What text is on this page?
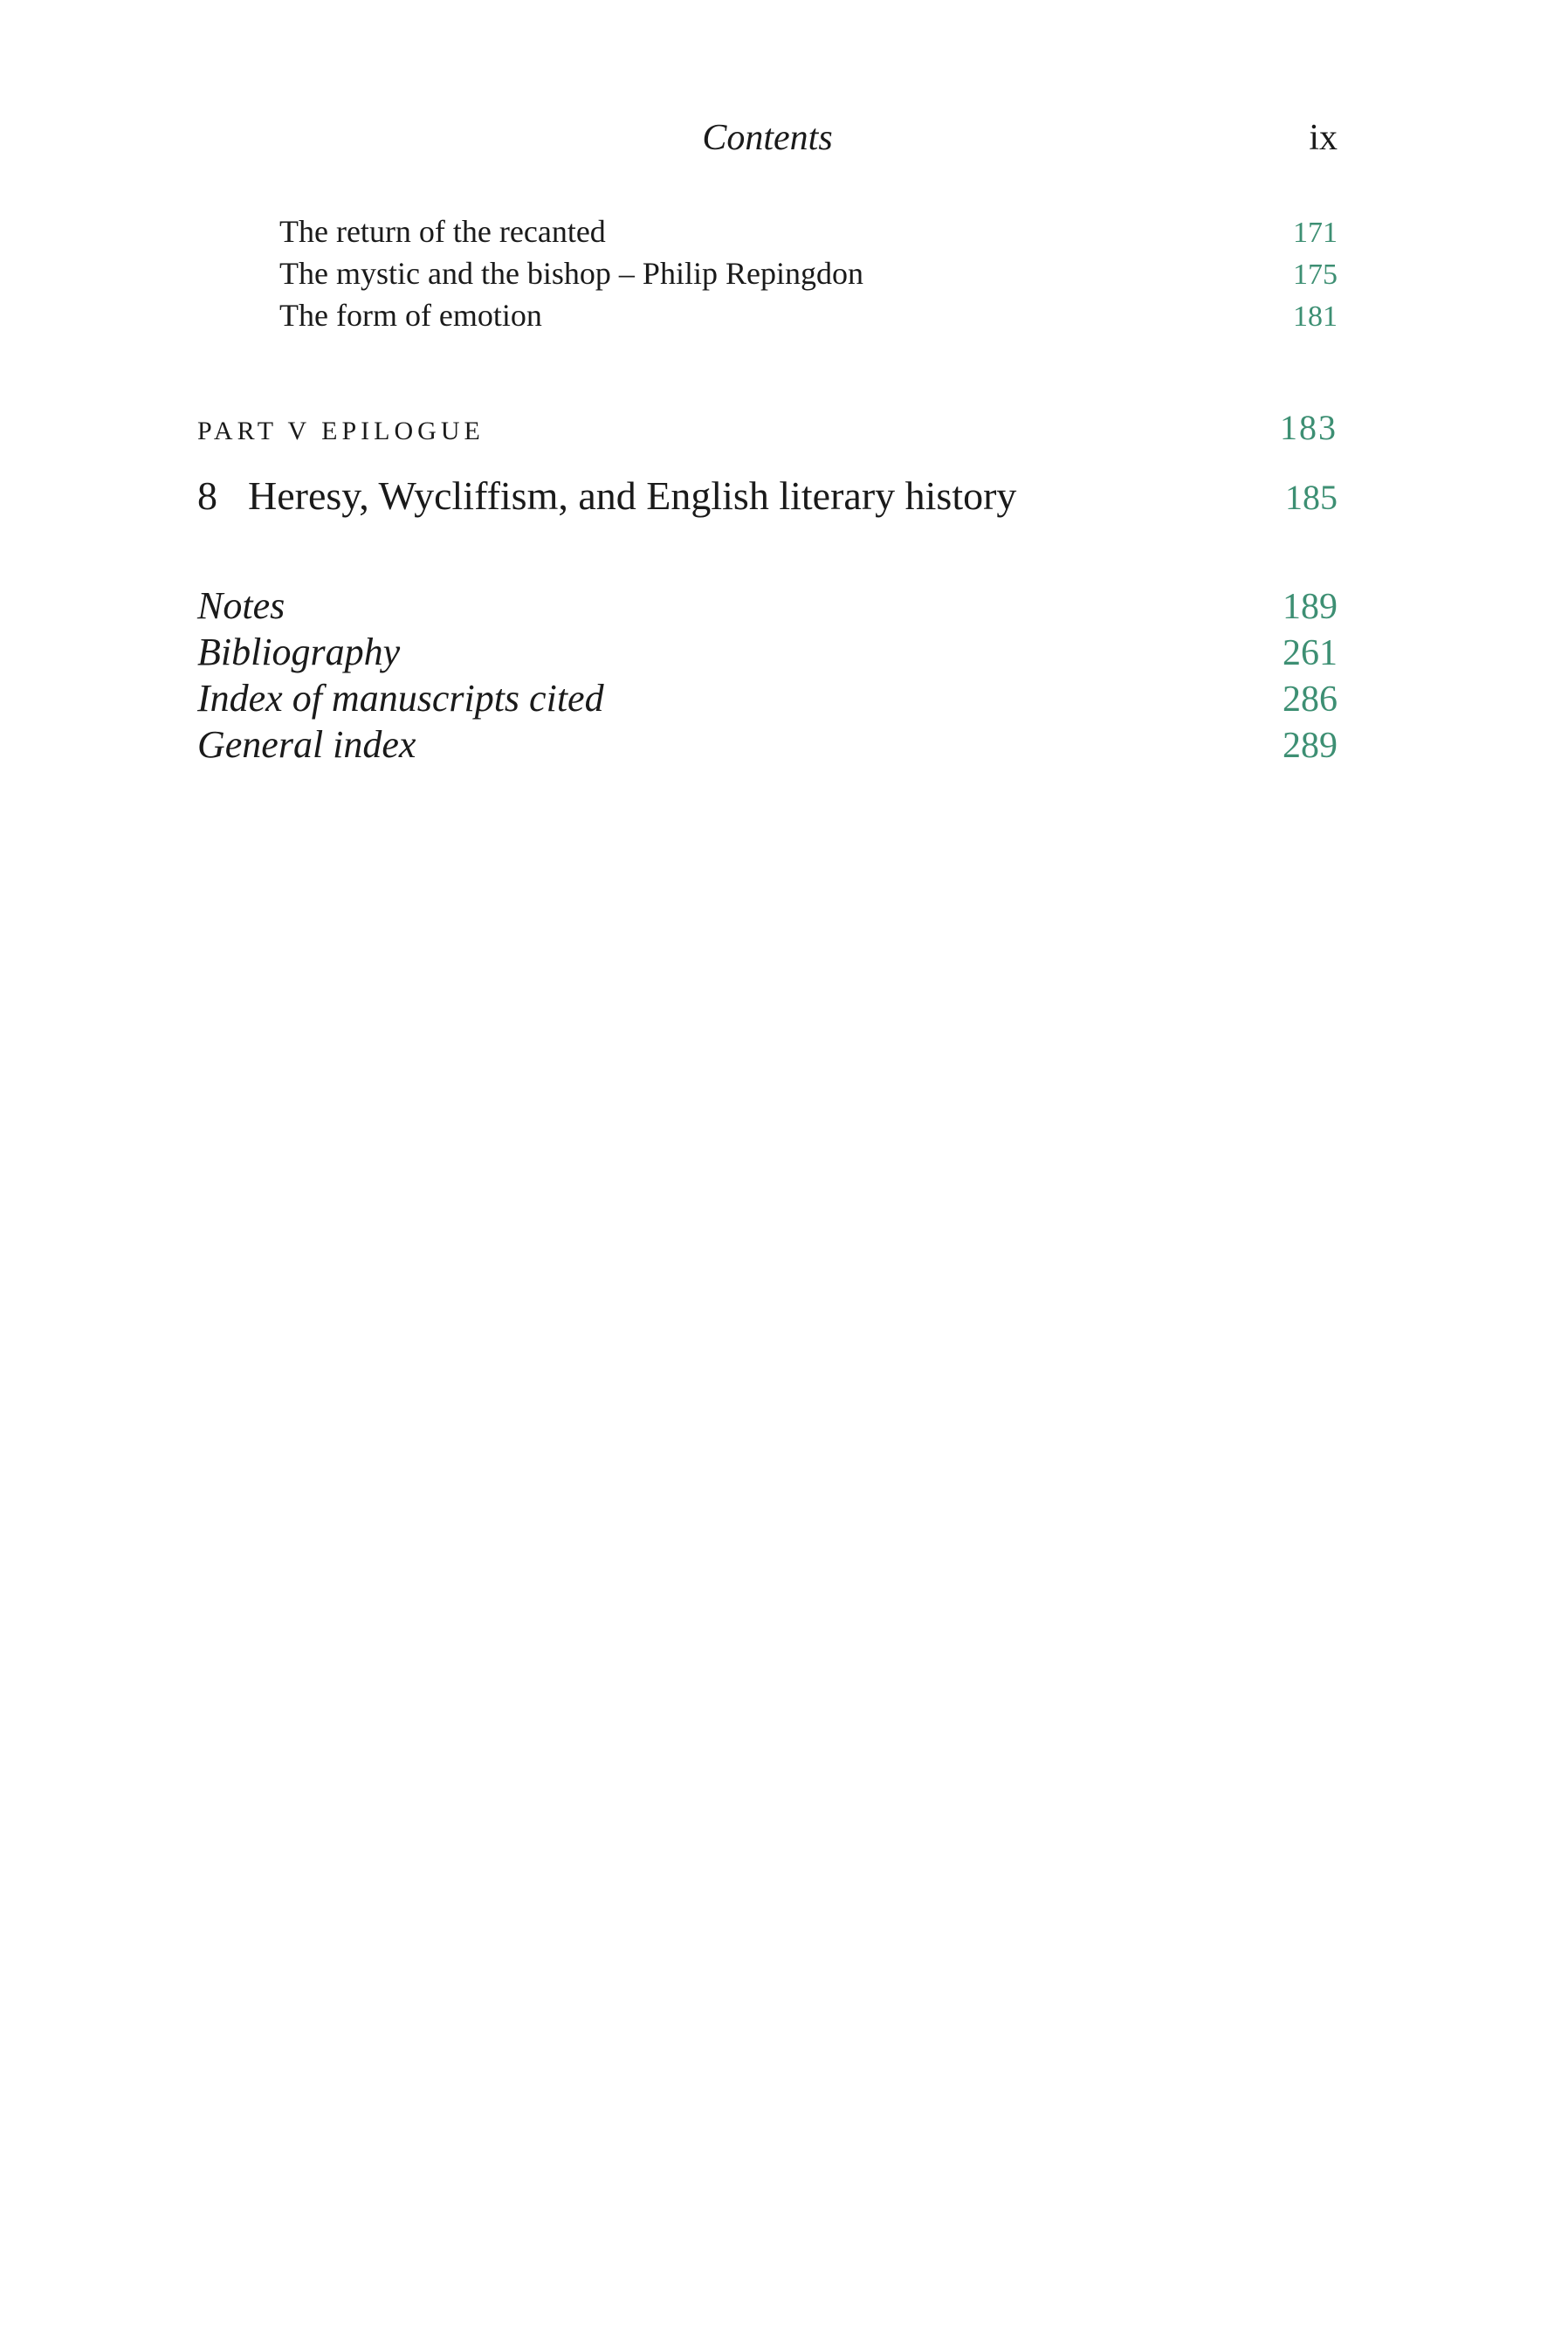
Contents	ix
The return of the recanted	171
The mystic and the bishop – Philip Repingdon	175
The form of emotion	181
PART V EPILOGUE	183
8 Heresy, Wycliffism, and English literary history	185
Notes	189
Bibliography	261
Index of manuscripts cited	286
General index	289
